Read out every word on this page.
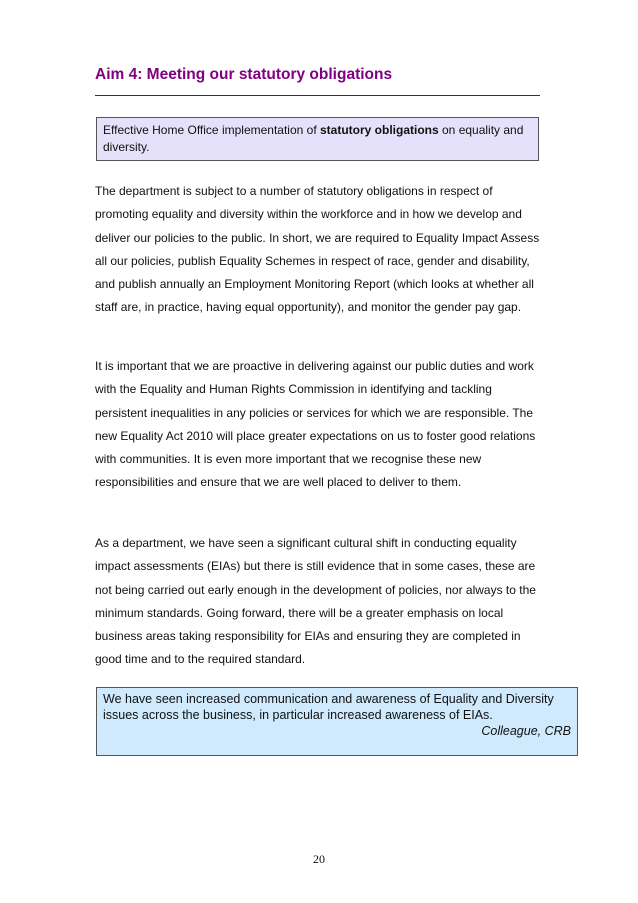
Aim 4: Meeting our statutory obligations
Effective Home Office implementation of statutory obligations on equality and diversity.

The department is subject to a number of statutory obligations in respect of promoting equality and diversity within the workforce and in how we develop and deliver our policies to the public. In short, we are required to Equality Impact Assess all our policies, publish Equality Schemes in respect of race, gender and disability, and publish annually an Employment Monitoring Report (which looks at whether all staff are, in practice, having equal opportunity), and monitor the gender pay gap.

It is important that we are proactive in delivering against our public duties and work with the Equality and Human Rights Commission in identifying and tackling persistent inequalities in any policies or services for which we are responsible. The new Equality Act 2010 will place greater expectations on us to foster good relations with communities. It is even more important that we recognise these new responsibilities and ensure that we are well placed to deliver to them.

As a department, we have seen a significant cultural shift in conducting equality impact assessments (EIAs) but there is still evidence that in some cases, these are not being carried out early enough in the development of policies, nor always to the minimum standards. Going forward, there will be a greater emphasis on local business areas taking responsibility for EIAs and ensuring they are completed in good time and to the required standard.

We have seen increased communication and awareness of Equality and Diversity issues across the business, in particular increased awareness of EIAs.
Colleague, CRB
20
